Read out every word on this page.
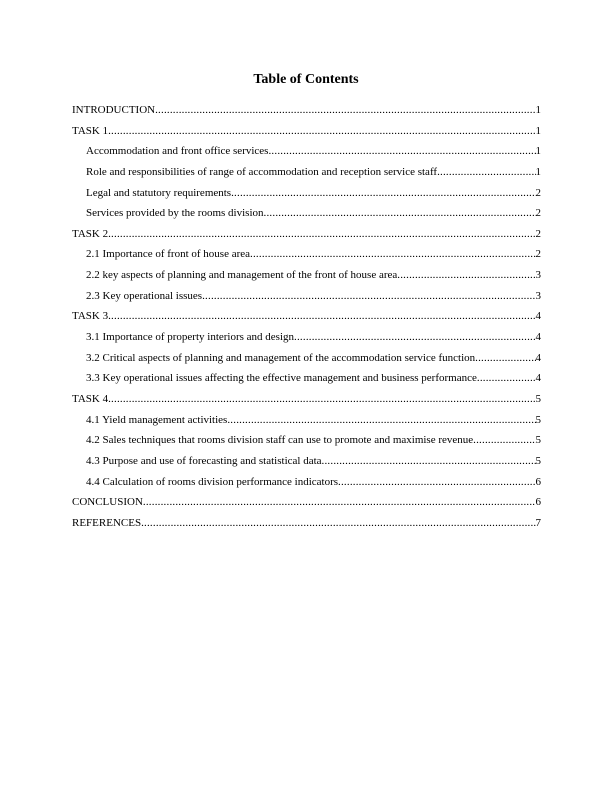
Table of Contents
INTRODUCTION .....	1
TASK 1 .....	1
Accommodation and front office services .....	1
Role and responsibilities of range of accommodation and reception service staff .....	1
Legal and statutory requirements .....	2
Services provided by the rooms division .....	2
TASK 2 .....	2
2.1 Importance of front of house area .....	2
2.2 key aspects of planning and management of the front of house area .....	3
2.3 Key operational issues .....	3
TASK 3 .....	4
3.1 Importance of property interiors and design .....	4
3.2 Critical aspects of planning and management of the accommodation service function .....	4
3.3 Key operational issues affecting the effective management and business performance .....	4
TASK 4 .....	5
4.1 Yield management activities .....	5
4.2 Sales techniques that rooms division staff can use to promote and maximise revenue .....	5
4.3 Purpose and use of forecasting and statistical data .....	5
4.4 Calculation of rooms division performance indicators .....	6
CONCLUSION .....	6
REFERENCES .....	7
